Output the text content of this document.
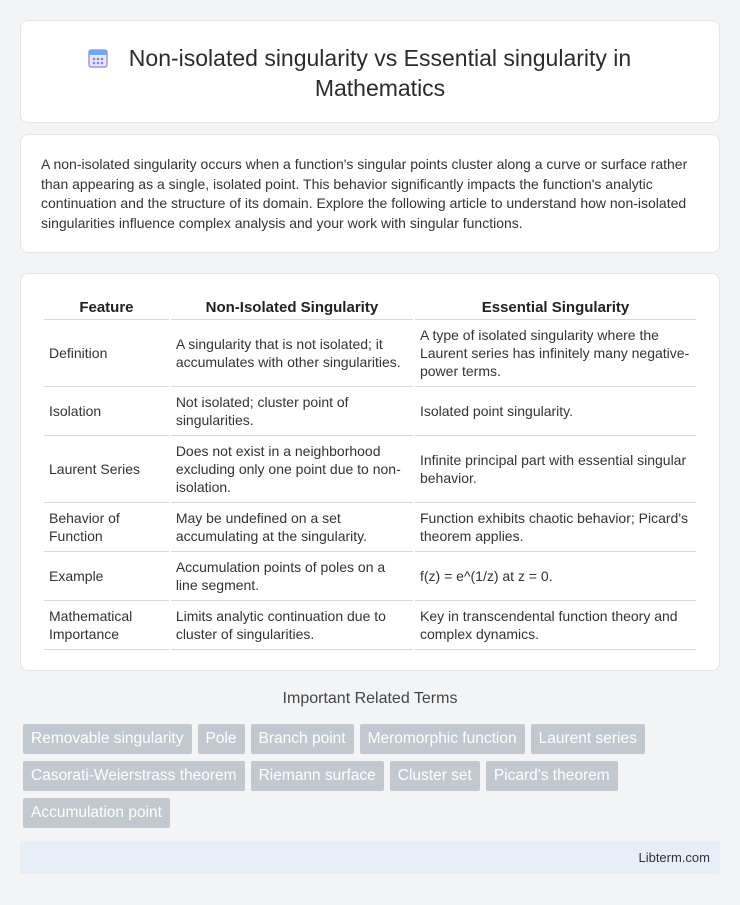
Non-isolated singularity vs Essential singularity in Mathematics
A non-isolated singularity occurs when a function's singular points cluster along a curve or surface rather than appearing as a single, isolated point. This behavior significantly impacts the function's analytic continuation and the structure of its domain. Explore the following article to understand how non-isolated singularities influence complex analysis and your work with singular functions.
Feature	Non-Isolated Singularity	Essential Singularity
Definition	A singularity that is not isolated; it accumulates with other singularities.	A type of isolated singularity where the Laurent series has infinitely many negative-power terms.
Isolation	Not isolated; cluster point of singularities.	Isolated point singularity.
Laurent Series	Does not exist in a neighborhood excluding only one point due to non-isolation.	Infinite principal part with essential singular behavior.
Behavior of Function	May be undefined on a set accumulating at the singularity.	Function exhibits chaotic behavior; Picard's theorem applies.
Example	Accumulation points of poles on a line segment.	f(z) = e^(1/z) at z = 0.
Mathematical Importance	Limits analytic continuation due to cluster of singularities.	Key in transcendental function theory and complex dynamics.
Important Related Terms
Removable singularity	Pole	Branch point	Meromorphic function	Laurent series
Casorati-Weierstrass theorem	Riemann surface	Cluster set	Picard's theorem
Accumulation point
Libterm.com
